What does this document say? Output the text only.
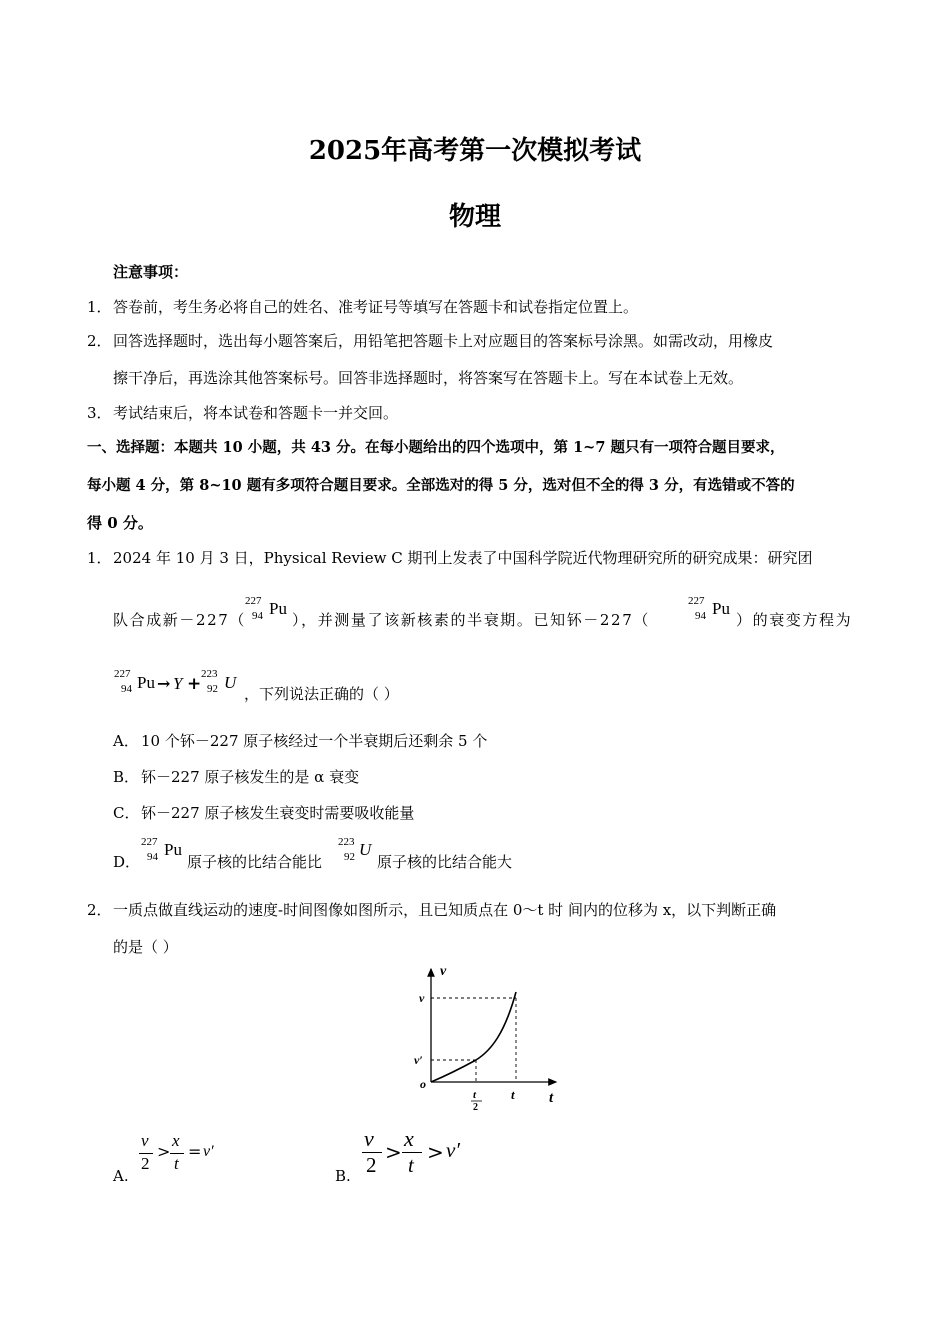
2025年高考第一次模拟考试
物理
注意事项：
1． 答卷前，考生务必将自己的姓名、准考证号等填写在答题卡和试卷指定位置上。
2． 回答选择题时，选出每小题答案后，用铅笔把答题卡上对应题目的答案标号涂黑。如需改动，用橡皮
擦干净后，再选涂其他答案标号。回答非选择题时，将答案写在答题卡上。写在本试卷上无效。
3． 考试结束后，将本试卷和答题卡一并交回。
一、选择题：本题共 10 小题，共 43 分。在每小题给出的四个选项中，第 1~7 题只有一项符合题目要求，
每小题 4 分，第 8~10 题有多项符合题目要求。全部选对的得 5 分，选对但不全的得 3 分，有选错或不答的
得 0 分。
1． 2024 年 10 月 3 日，Physical Review C 期刊上发表了中国科学院近代物理研究所的研究成果：研究团
队合成新－227（
227
94 Pu
），并测量了该新核素的半衰期。已知钚－227（
227
94 Pu
）的衰变方程为
227
94 Pu → Y + 223
92 U
，下列说法正确的（ ）
A． 10 个钚－227 原子核经过一个半衰期后还剩余 5 个
B． 钚－227 原子核发生的是 α 衰变
C． 钚－227 原子核发生衰变时需要吸收能量
D．
227
94 Pu
原子核的比结合能比
223
92 U
原子核的比结合能大
2． 一质点做直线运动的速度-时间图像如图所示，且已知质点在 0～t 时 间内的位移为 x，以下判断正确
的是（ ）
v
v
v′
o
t
2
t t
A.
v
2
>
x
t
= v′
B.
v
2
>
x
t
> v′
